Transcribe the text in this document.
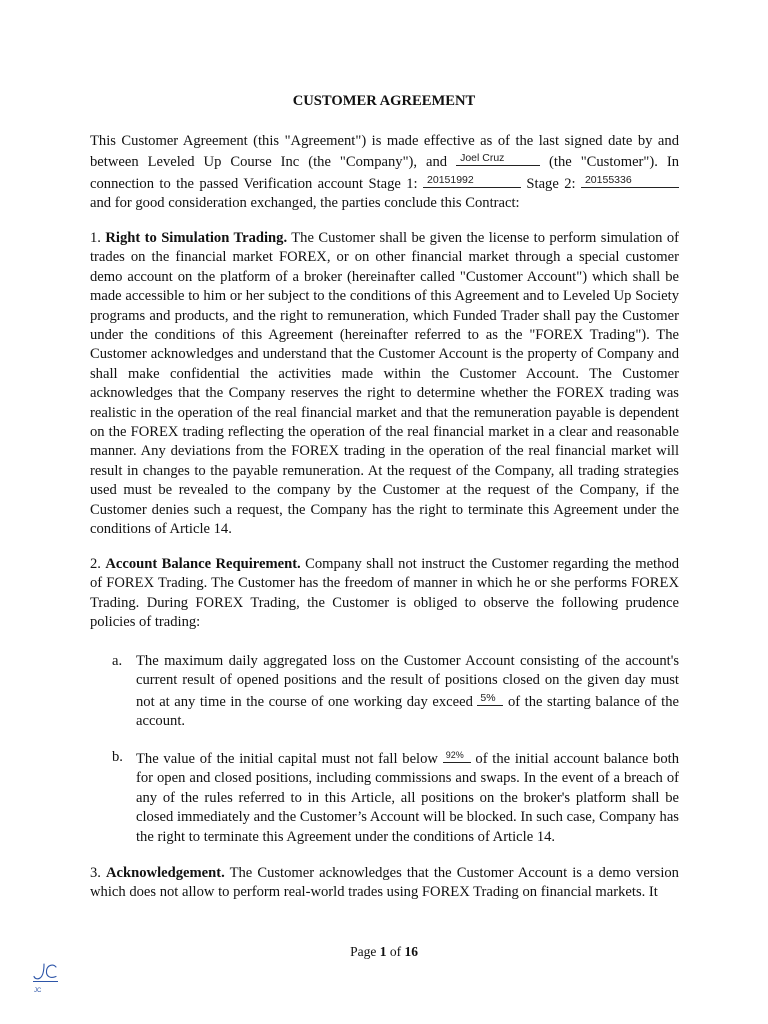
CUSTOMER AGREEMENT

This Customer Agreement (this "Agreement") is made effective as of the last signed date by and between Leveled Up Course Inc (the "Company"), and Joel Cruz	(the "Customer"). In connection to the passed Verification account Stage 1: 20151992	Stage 2: 20155336
and for good consideration exchanged, the parties conclude this Contract:

1. Right to Simulation Trading. The Customer shall be given the license to perform simulation of trades on the financial market FOREX, or on other financial market through a special customer demo account on the platform of a broker (hereinafter called "Customer Account") which shall be made accessible to him or her subject to the conditions of this Agreement and to Leveled Up Society programs and products, and the right to remuneration, which Funded Trader shall pay the Customer under the conditions of this Agreement (hereinafter referred to as the "FOREX Trading"). The Customer acknowledges and understand that the Customer Account is the property of Company and shall make confidential the activities made within the Customer Account. The Customer acknowledges that the Company reserves the right to determine whether the FOREX trading was realistic in the operation of the real financial market and that the remuneration payable is dependent on the FOREX trading reflecting the operation of the real financial market in a clear and reasonable manner. Any deviations from the FOREX trading in the operation of the real financial market will result in changes to the payable remuneration. At the request of the Company, all trading strategies used must be revealed to the company by the Customer at the request of the Company, if the Customer denies such a request, the Company has the right to terminate this Agreement under the conditions of Article 14.

2. Account Balance Requirement. Company shall not instruct the Customer regarding the method of FOREX Trading. The Customer has the freedom of manner in which he or she performs FOREX Trading. During FOREX Trading, the Customer is obliged to observe the following prudence policies of trading:

a. The maximum daily aggregated loss on the Customer Account consisting of the account's current result of opened positions and the result of positions closed on the given day must not at any time in the course of one working day exceed 5% of the starting balance of the account.
b. The value of the initial capital must not fall below 92% of the initial account balance both for open and closed positions, including commissions and swaps. In the event of a breach of any of the rules referred to in this Article, all positions on the broker's platform shall be closed immediately and the Customer’s Account will be blocked. In such case, Company has the right to terminate this Agreement under the conditions of Article 14.

3. Acknowledgement. The Customer acknowledges that the Customer Account is a demo version which does not allow to perform real-world trades using FOREX Trading on financial markets. It

Page 1 of 16
JC
